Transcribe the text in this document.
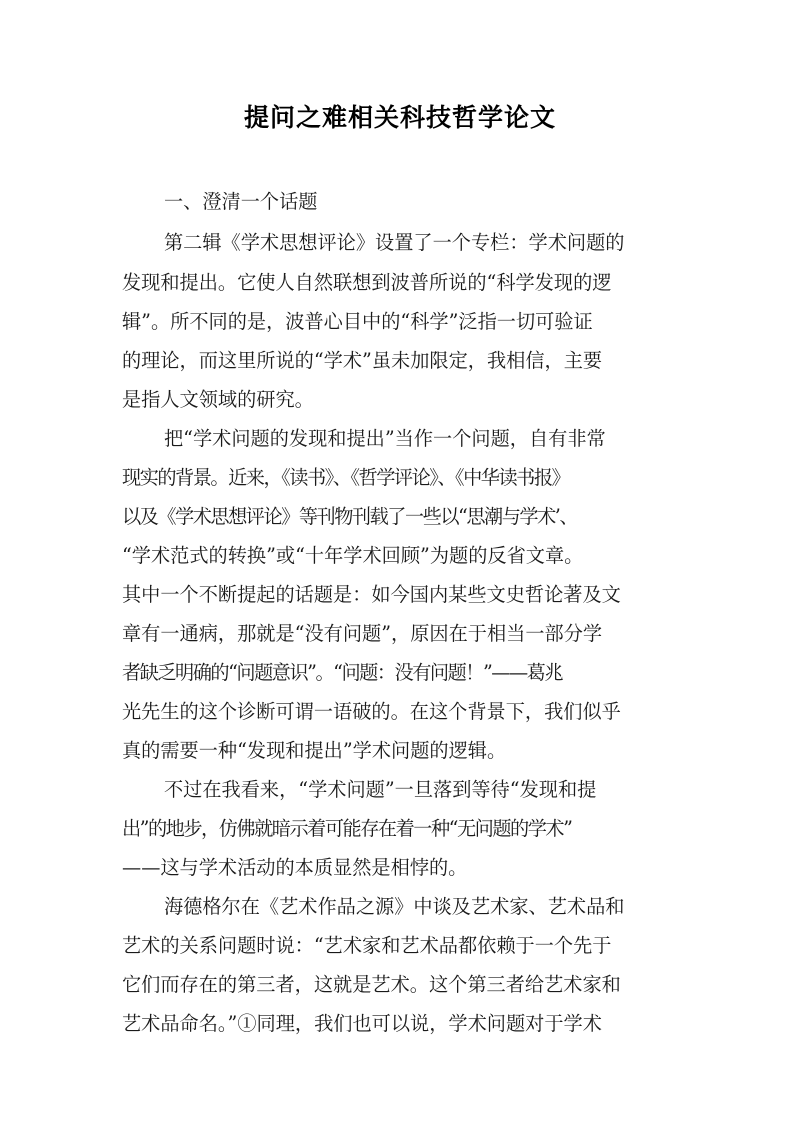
提问之难相关科技哲学论文
一、澄清一个话题
第二辑《学术思想评论》设置了一个专栏：学术问题的
发现和提出。它使人自然联想到波普所说的“科学发现的逻
辑”。所不同的是，波普心目中的“科学”泛指一切可验证
的理论，而这里所说的“学术”虽未加限定，我相信，主要
是指人文领域的研究。
把“学术问题的发现和提出”当作一个问题，自有非常
现实的背景。近来，《读书》、《哲学评论》、《中华读书报》
以及《学术思想评论》等刊物刊载了一些以“思潮与学术’、
“学术范式的转换”或“十年学术回顾”为题的反省文章。
其中一个不断提起的话题是：如今国内某些文史哲论著及文
章有一通病，那就是“没有问题”，原因在于相当一部分学
者缺乏明确的“问题意识”。“问题：没有问题！”——葛兆
光先生的这个诊断可谓一语破的。在这个背景下，我们似乎
真的需要一种“发现和提出”学术问题的逻辑。
不过在我看来，“学术问题”一旦落到等待“发现和提
出”的地步，仿佛就暗示着可能存在着一种“无问题的学术”
——这与学术活动的本质显然是相悖的。
海德格尔在《艺术作品之源》中谈及艺术家、艺术品和
艺术的关系问题时说：“艺术家和艺术品都依赖于一个先于
它们而存在的第三者，这就是艺术。这个第三者给艺术家和
艺术品命名。”①同理，我们也可以说，学术问题对于学术
